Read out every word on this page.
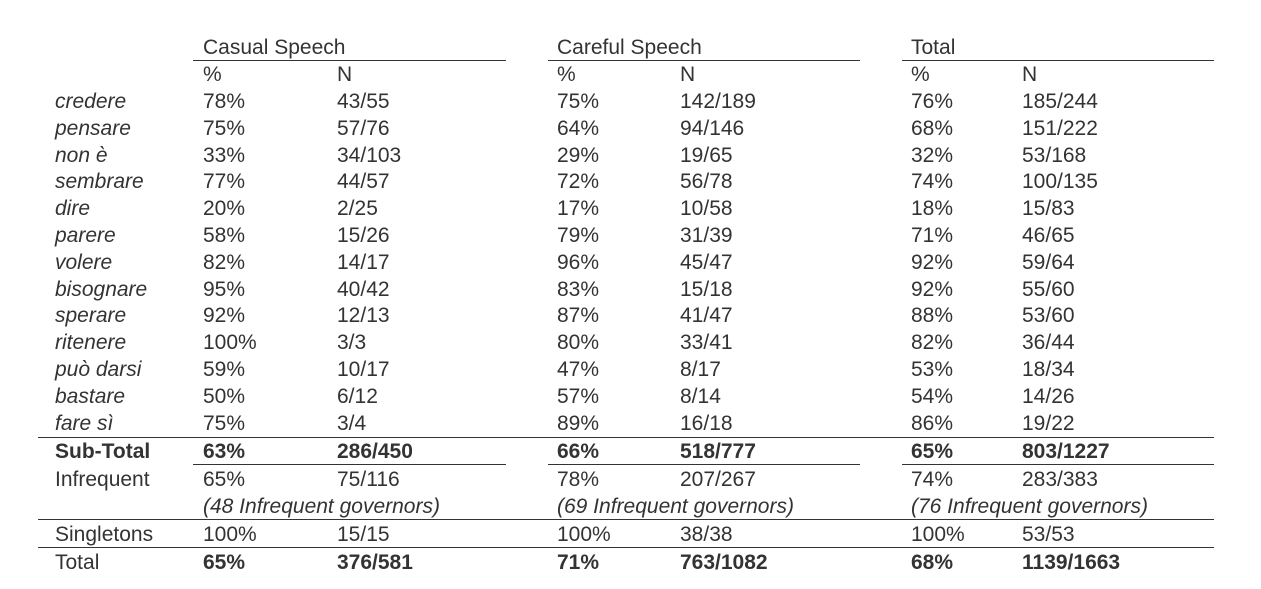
Casual Speech	Careful Speech	Total
%	N	%	N	%	N
credere	78%	43/55	75%	142/189	76%	185/244
pensare	75%	57/76	64%	94/146	68%	151/222
non è	33%	34/103	29%	19/65	32%	53/168
sembrare	77%	44/57	72%	56/78	74%	100/135
dire	20%	2/25	17%	10/58	18%	15/83
parere	58%	15/26	79%	31/39	71%	46/65
volere	82%	14/17	96%	45/47	92%	59/64
bisognare	95%	40/42	83%	15/18	92%	55/60
sperare	92%	12/13	87%	41/47	88%	53/60
ritenere	100%	3/3	80%	33/41	82%	36/44
può darsi	59%	10/17	47%	8/17	53%	18/34
bastare	50%	6/12	57%	8/14	54%	14/26
fare sì	75%	3/4	89%	16/18	86%	19/22
Sub-Total	63%	286/450	66%	518/777	65%	803/1227
Infrequent	65%	75/116	78%	207/267	74%	283/383
(48 Infrequent governors)	(69 Infrequent governors)	(76 Infrequent governors)
Singletons 100%	15/15	100%	38/38	100%	53/53
Total	65%	376/581	71%	763/1082	68%	1139/1663
